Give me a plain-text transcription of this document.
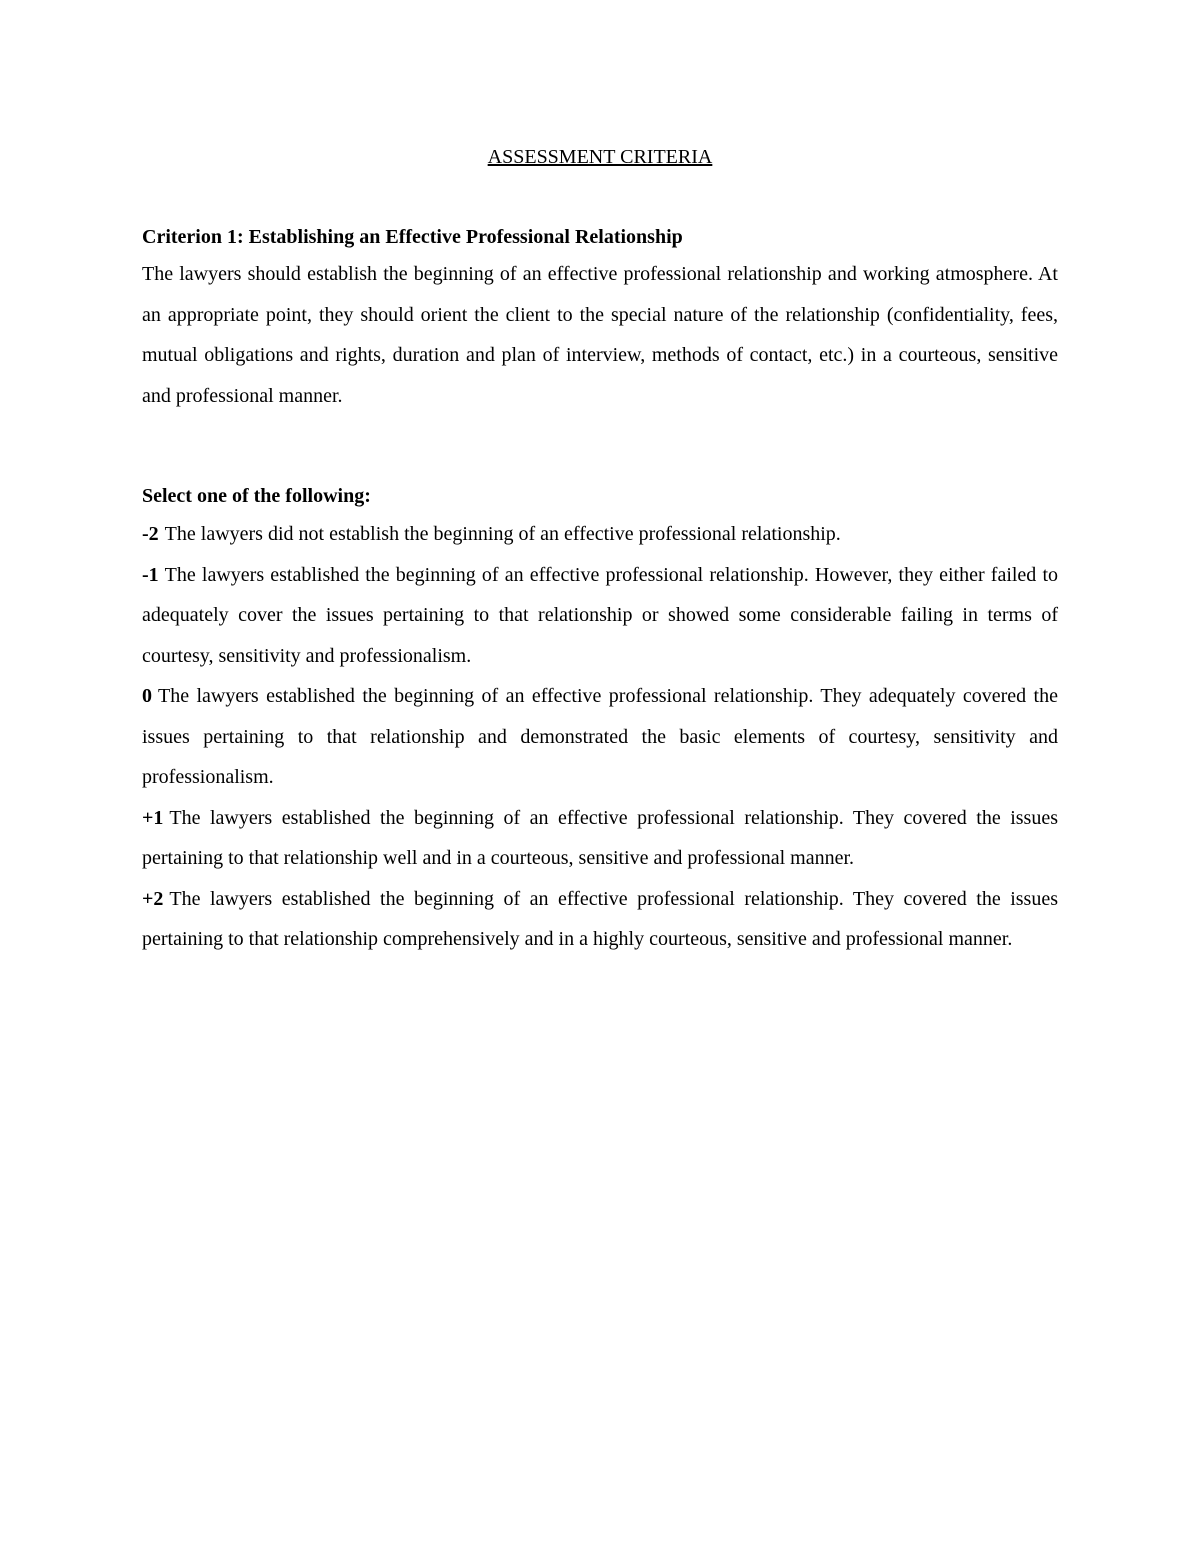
ASSESSMENT CRITERIA
Criterion 1: Establishing an Effective Professional Relationship

The lawyers should establish the beginning of an effective professional relationship and working atmosphere. At an appropriate point, they should orient the client to the special nature of the relationship (confidentiality, fees, mutual obligations and rights, duration and plan of interview, methods of contact, etc.) in a courteous, sensitive and professional manner.

Select one of the following:

-2 The lawyers did not establish the beginning of an effective professional relationship.

-1 The lawyers established the beginning of an effective professional relationship. However, they either failed to adequately cover the issues pertaining to that relationship or showed some considerable failing in terms of courtesy, sensitivity and professionalism.

0 The lawyers established the beginning of an effective professional relationship. They adequately covered the issues pertaining to that relationship and demonstrated the basic elements of courtesy, sensitivity and professionalism.

+1 The lawyers established the beginning of an effective professional relationship. They covered the issues pertaining to that relationship well and in a courteous, sensitive and professional manner.

+2 The lawyers established the beginning of an effective professional relationship. They covered the issues pertaining to that relationship comprehensively and in a highly courteous, sensitive and professional manner.
